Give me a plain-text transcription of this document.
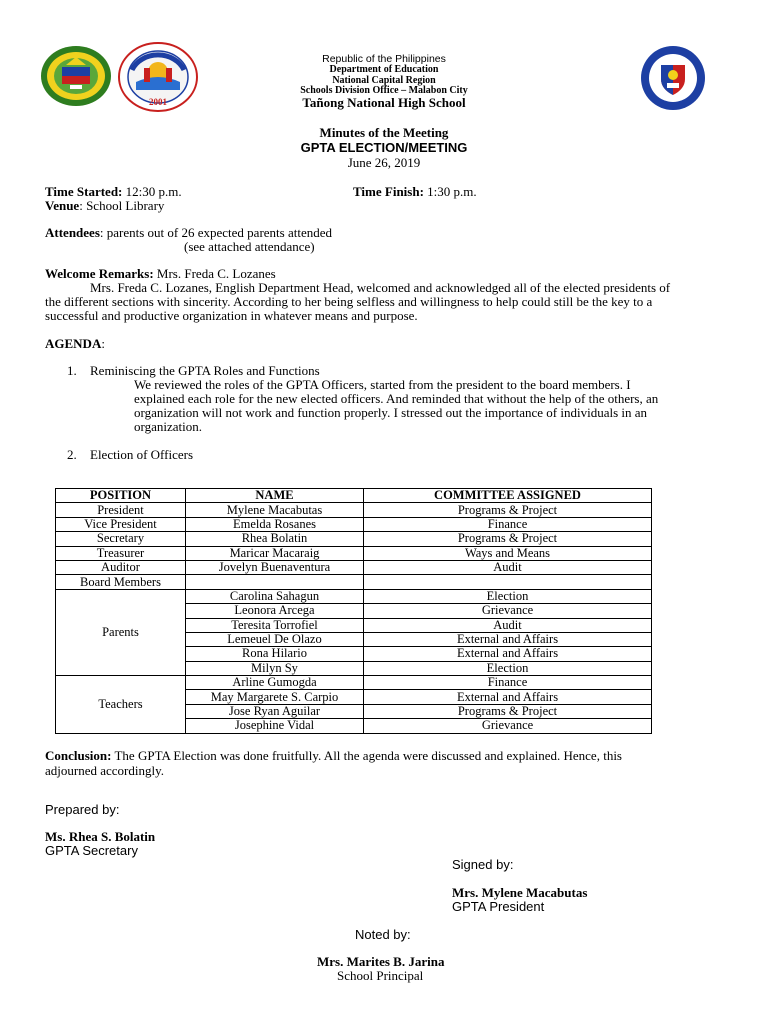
2001
Republic of the Philippines
Department of Education
National Capital Region
Schools Division Office – Malabon City
Tañong National High School
Minutes of the Meeting
GPTA ELECTION/MEETING
June 26, 2019
Time Started: 12:30 p.m.	Time Finish: 1:30 p.m.
Venue: School Library
Attendees: parents out of 26 expected parents attended
(see attached attendance)
Welcome Remarks: Mrs. Freda C. Lozanes
Mrs. Freda C. Lozanes, English Department Head, welcomed and acknowledged all of the elected presidents of
the different sections with sincerity. According to her being selfless and willingness to help could still be the key to a
successful and productive organization in whatever means and purpose.
AGENDA:
1. Reminiscing the GPTA Roles and Functions
We reviewed the roles of the GPTA Officers, started from the president to the board members. I
explained each role for the new elected officers. And reminded that without the help of the others, an
organization will not work and function properly. I stressed out the importance of individuals in an
organization.
2. Election of Officers
POSITION	NAME	COMMITTEE ASSIGNED
President	Mylene Macabutas	Programs & Project
Vice President	Emelda Rosanes	Finance
Secretary	Rhea Bolatin	Programs & Project
Treasurer	Maricar Macaraig	Ways and Means
Auditor	Jovelyn Buenaventura	Audit
Board Members		
Parents	Carolina Sahagun	Election
	Leonora Arcega	Grievance
	Teresita Torrofiel	Audit
	Lemeuel De Olazo	External and Affairs
	Rona Hilario	External and Affairs
	Milyn Sy	Election
Teachers	Arline Gumogda	Finance
	May Margarete S. Carpio	External and Affairs
	Jose Ryan Aguilar	Programs & Project
	Josephine Vidal	Grievance
Conclusion: The GPTA Election was done fruitfully. All the agenda were discussed and explained. Hence, this
adjourned accordingly.
Prepared by:
Ms. Rhea S. Bolatin
GPTA Secretary
Signed by:
Mrs. Mylene Macabutas
GPTA President
Noted by:
Mrs. Marites B. Jarina
School Principal
